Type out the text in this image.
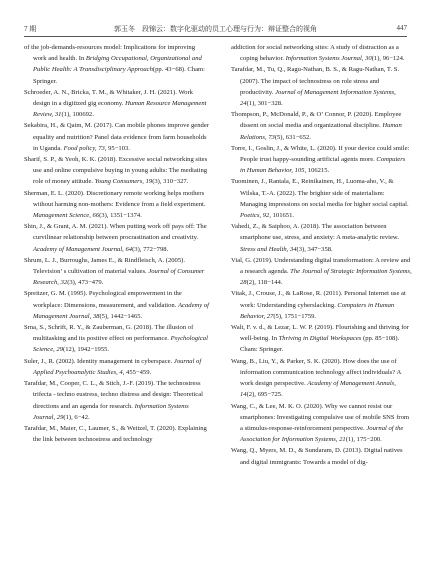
7 期	郭玉冬　段锦云：数字化驱动的员工心理与行为：辩证整合的视角	447

of the job-demands-resources model: Implications for improving work and health. In Bridging Occupational, Organizational and Public Health: A Transdisciplinary Approach(pp. 43−68). Cham: Springer.

Schroeder, A. N., Bricka, T. M., & Whitaker, J. H. (2021). Work design in a digitized gig economy. Human Resource Management Review, 31(1), 100692.

Sekabira, H., & Qaim, M. (2017). Can mobile phones improve gender equality and nutrition? Panel data evidence from farm households in Uganda. Food policy, 73, 95−103.

Sharif, S. P., & Yeoh, K. K. (2018). Excessive social networking sites use and online compulsive buying in young adults: The mediating role of money attitude. Young Consumers, 19(3), 310−327.

Sherman, E. L. (2020). Discretionary remote working helps mothers without harming non-mothers: Evidence from a field experiment. Management Science, 66(3), 1351−1374.

Shin, J., & Grant, A. M. (2021). When putting work off pays off: The curvilinear relationship between procrastination and creativity. Academy of Management Journal, 64(3), 772−798.

Shrum, L. J., Burroughs, James E., & Rindfleisch, A. (2005). Television’ s cultivation of material values. Journal of Consumer Research, 32(3), 473−479.

Spreitzer, G. M. (1995). Psychological empowerment in the workplace: Dimensions, measurement, and validation. Academy of Management Journal, 38(5), 1442−1465.

Srna, S., Schrift, R. Y., & Zauberman, G. (2018). The illusion of multitasking and its positive effect on performance. Psychological Science, 29(12), 1942−1955.

Suler, J., R. (2002). Identity management in cyberspace. Journal of Applied Psychoanalytic Studies, 4, 455−459.

Tarafdar, M., Cooper, C. L., & Stich, J.-F. (2019). The technostress trifecta - techno eustress, techno distress and design: Theoretical directions and an agenda for research. Information Systems Journal, 29(1), 6−42.

Tarafdar, M., Maier, C., Laumer, S., & Weitzel, T. (2020). Explaining the link between technostress and technology

addiction for social networking sites: A study of distraction as a coping behavior. Information Systems Journal, 30(1), 96−124.

Tarafdar, M., Tu, Q., Ragu-Nathan, B. S., & Ragu-Nathan, T. S. (2007). The impact of technostress on role stress and productivity. Journal of Management Information Systems, 24(1), 301−328.

Thompson, P., McDonald, P., & O’ Connor, P. (2020). Employee dissent on social media and organizational discipline. Human Relations, 73(5), 631−652.

Torre, I., Goslin, J., & White, L. (2020). If your device could smile: People trust happy-sounding artificial agents more. Computers in Human Behavior, 105, 106215.

Tuominen, J., Rantala, E., Reinikainen, H., Luoma-aho, V., & Wilska, T.-A. (2022). The brighter side of materialism: Managing impressions on social media for higher social capital. Poetics, 92, 101651.

Vahedi, Z., & Saiphoo, A. (2018). The association between smartphone use, stress, and anxiety: A meta-analytic review. Stress and Health, 34(3), 347−358.

Vial, G. (2019). Understanding digital transformation: A review and a research agenda. The Journal of Strategic Information Systems, 28(2), 118−144.

Vitak, J., Crouse, J., & LaRose, R. (2011). Personal Internet use at work: Understanding cyberslacking. Computers in Human Behavior, 27(5), 1751−1759.

Walt, F. v. d., & Lezar, L. W. P. (2019). Flourishing and thriving for well-being. In Thriving in Digital Workspaces (pp. 85−108). Cham: Springer.

Wang, B., Liu, Y., & Parker, S. K. (2020). How does the use of information communication technology affect individuals? A work design perspective. Academy of Management Annals, 14(2), 695−725.

Wang, C., & Lee, M. K. O. (2020). Why we cannot resist our smartphones: Investigating compulsive use of mobile SNS from a stimulus-response-reinforcement perspective. Journal of the Association for Information Systems, 21(1), 175−200.

Wang, Q., Myers, M. D., & Sundaram, D. (2013). Digital natives and digital immigrants: Towards a model of dig-
